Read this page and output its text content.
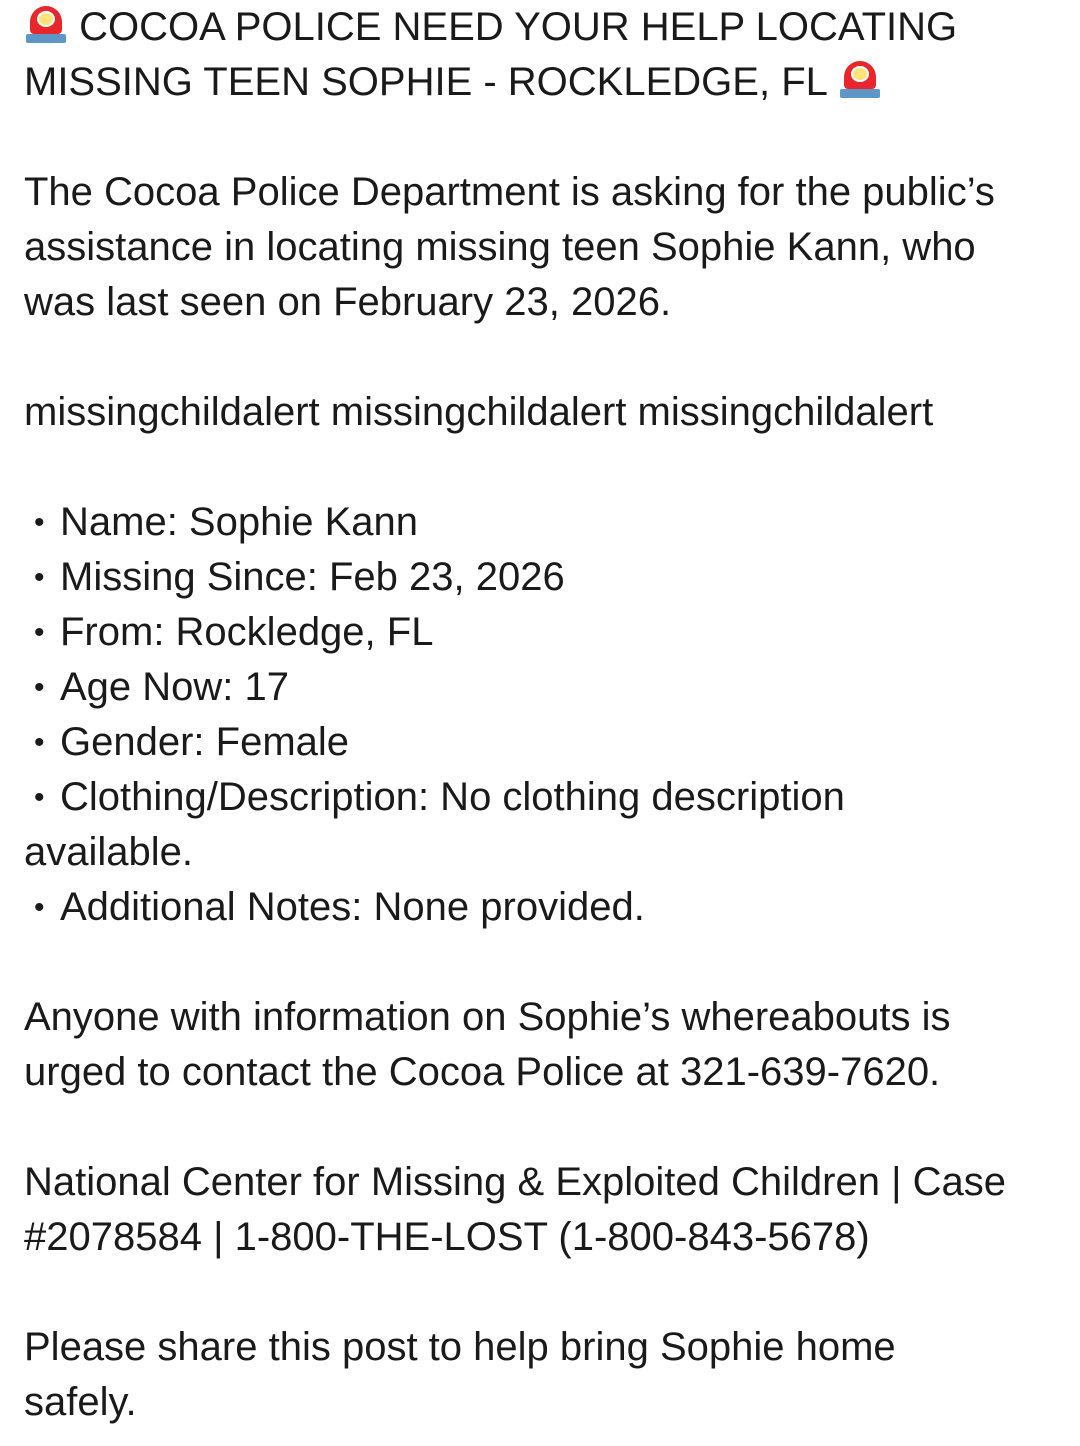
COCOA POLICE NEED YOUR HELP LOCATING
MISSING TEEN SOPHIE - ROCKLEDGE, FL
The Cocoa Police Department is asking for the public’s
assistance in locating missing teen Sophie Kann, who
was last seen on February 23, 2026.
missingchildalert missingchildalert missingchildalert
• Name: Sophie Kann
• Missing Since: Feb 23, 2026
• From: Rockledge, FL
• Age Now: 17
• Gender: Female
• Clothing/Description: No clothing description
available.
• Additional Notes: None provided.
Anyone with information on Sophie’s whereabouts is
urged to contact the Cocoa Police at 321-639-7620.
National Center for Missing & Exploited Children | Case
#2078584 | 1-800-THE-LOST (1-800-843-5678)
Please share this post to help bring Sophie home
safely.
